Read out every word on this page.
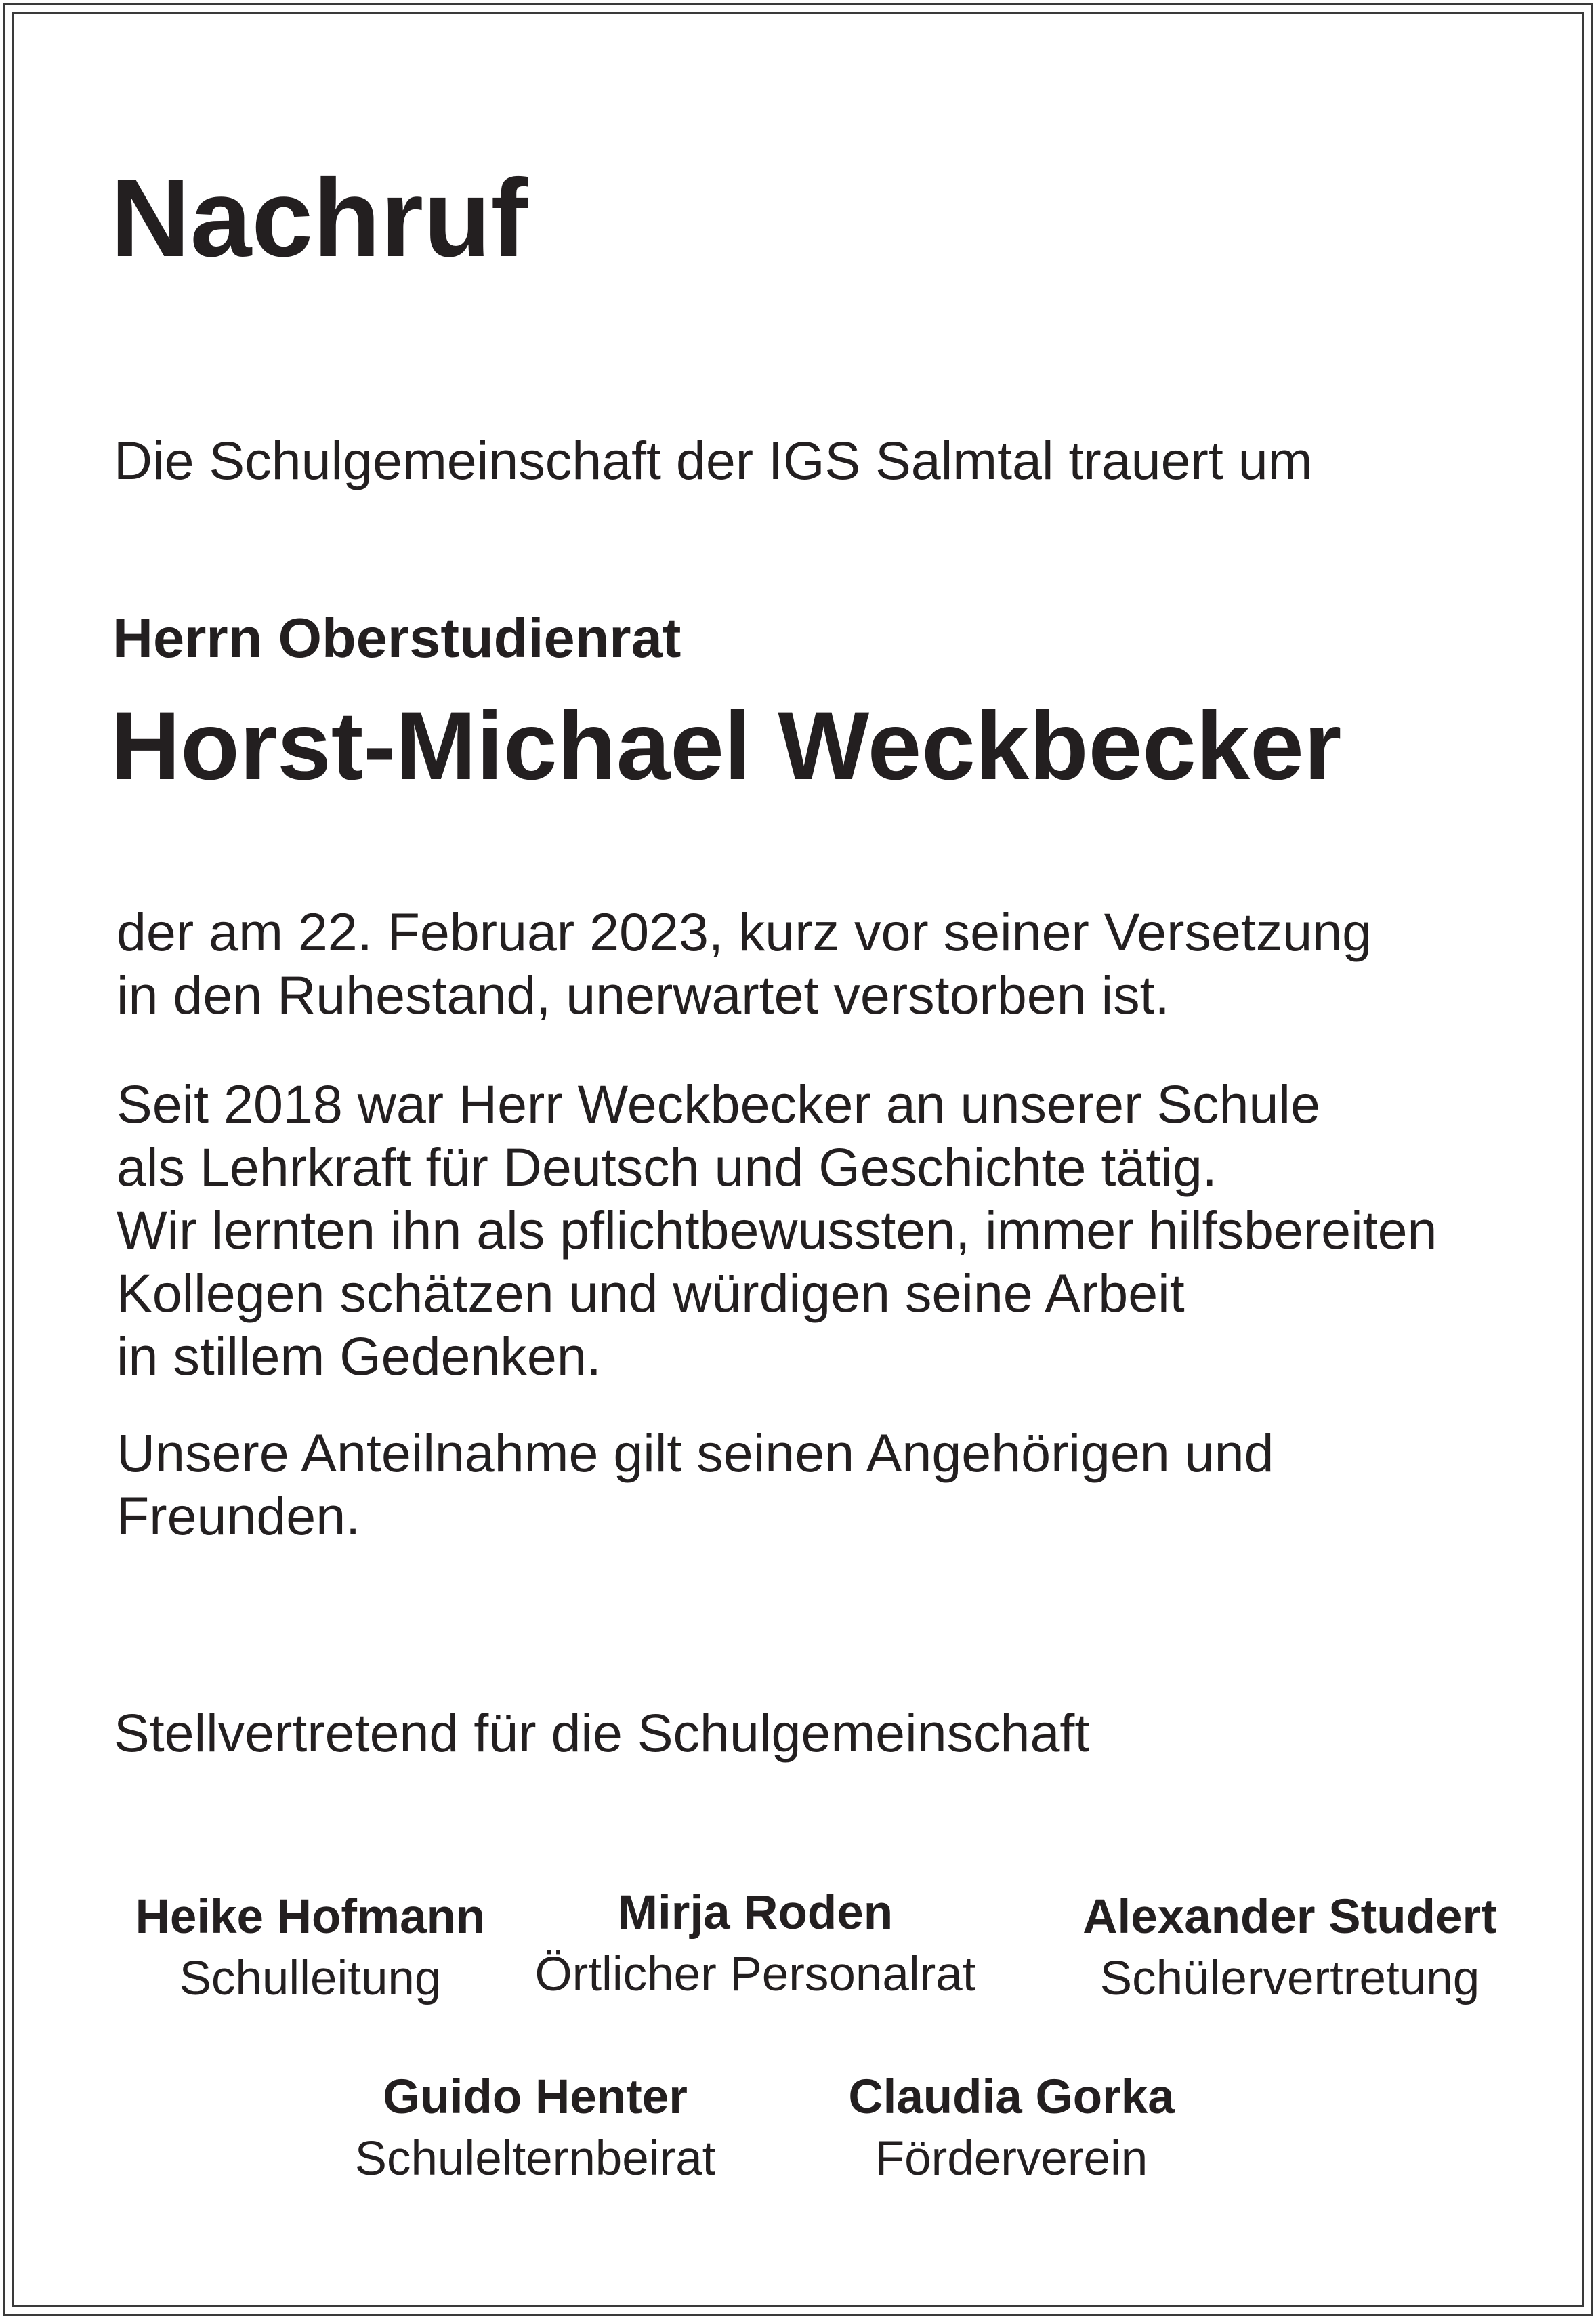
Nachruf
Die Schulgemeinschaft der IGS Salmtal trauert um
Herrn Oberstudienrat
Horst-Michael Weckbecker

der am 22. Februar 2023, kurz vor seiner Versetzung
in den Ruhestand, unerwartet verstorben ist.

Seit 2018 war Herr Weckbecker an unserer Schule
als Lehrkraft für Deutsch und Geschichte tätig.
Wir lernten ihn als pflichtbewussten, immer hilfsbereiten
Kollegen schätzen und würdigen seine Arbeit
in stillem Gedenken.

Unsere Anteilnahme gilt seinen Angehörigen und
Freunden.

Stellvertretend für die Schulgemeinschaft
Heike Hofmann
Schulleitung
Mirja Roden
Örtlicher Personalrat
Alexander Studert
Schülervertretung
Guido Henter
Schulelternbeirat
Claudia Gorka
Förderverein
